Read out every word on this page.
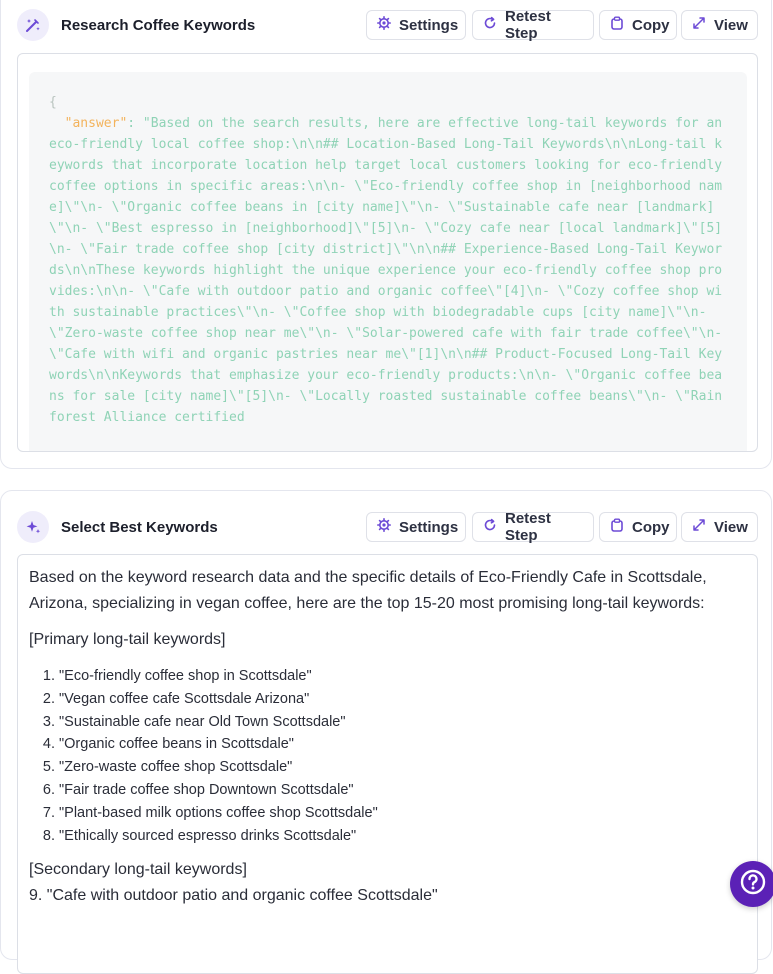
Research Coffee Keywords	Settings	Retest Step	Copy	View
{
"answer": "Based on the search results, here are effective long-tail keywords for an eco-friendly local coffee shop:\n\n## Location-Based Long-Tail Keywords\n\nLong-tail keywords that incorporate location help target local customers looking for eco-friendly coffee options in specific areas:\n\n- \"Eco-friendly coffee shop in [neighborhood name]\"\n- \"Organic coffee beans in [city name]\"\n- \"Sustainable cafe near [landmark]\"\n- \"Best espresso in [neighborhood]\"[5]\n- \"Cozy cafe near [local landmark]\"[5]\n- \"Fair trade coffee shop [city district]\"\n\n## Experience-Based Long-Tail Keywords\n\nThese keywords highlight the unique experience your eco-friendly coffee shop provides:\n\n- \"Cafe with outdoor patio and organic coffee\"[4]\n- \"Cozy coffee shop with sustainable practices\"\n- \"Coffee shop with biodegradable cups [city name]\"\n- \"Zero-waste coffee shop near me\"\n- \"Solar-powered cafe with fair trade coffee\"\n- \"Cafe with wifi and organic pastries near me\"[1]\n\n## Product-Focused Long-Tail Keywords\n\nKeywords that emphasize your eco-friendly products:\n\n- \"Organic coffee beans for sale [city name]\"[5]\n- \"Locally roasted sustainable coffee beans\"\n- \"Rainforest Alliance certified
Select Best Keywords	Settings	Retest Step	Copy	View

Based on the keyword research data and the specific details of Eco-Friendly Cafe in Scottsdale, Arizona, specializing in vegan coffee, here are the top 15-20 most promising long-tail keywords:

[Primary long-tail keywords]

1. "Eco-friendly coffee shop in Scottsdale"
2. "Vegan coffee cafe Scottsdale Arizona"
3. "Sustainable cafe near Old Town Scottsdale"
4. "Organic coffee beans in Scottsdale"
5. "Zero-waste coffee shop Scottsdale"
6. "Fair trade coffee shop Downtown Scottsdale"
7. "Plant-based milk options coffee shop Scottsdale"
8. "Ethically sourced espresso drinks Scottsdale"

[Secondary long-tail keywords]

9. "Cafe with outdoor patio and organic coffee Scottsdale"
